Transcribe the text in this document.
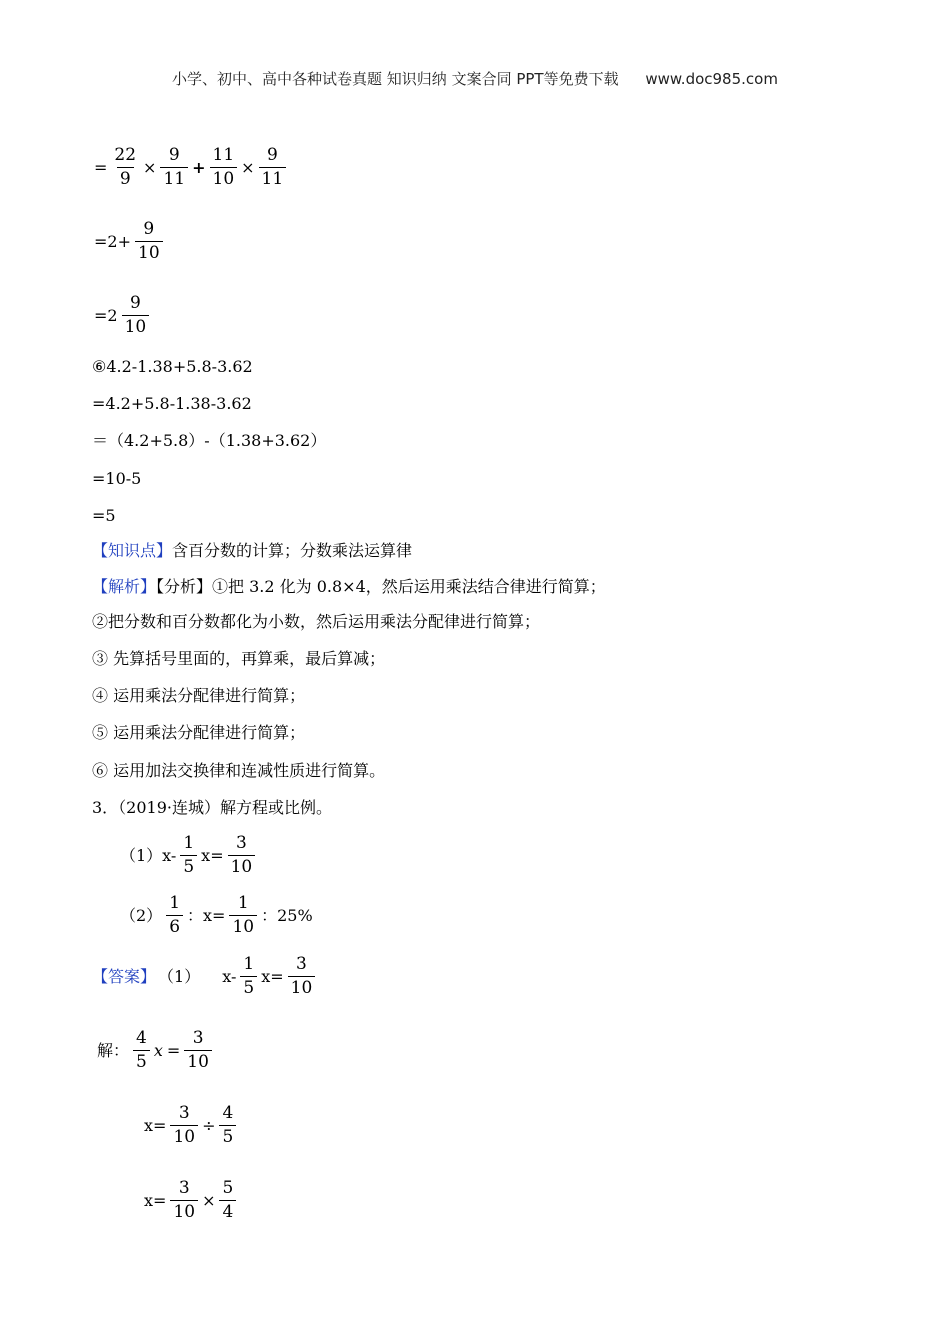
小学、初中、高中各种试卷真题 知识归纳 文案合同 PPT等免费下载 www.doc985.com
= $\frac{22}{9} \times \frac{9}{11} + \frac{11}{10} \times \frac{9}{11}$
$=2+ \frac{9}{10}$
$=2 \frac{9}{10}$
⑥4.2-1.38+5.8-3.62
=4.2+5.8-1.38-3.62
＝（4.2+5.8）-（1.38+3.62）
=10-5
=5
【知识点】含百分数的计算；分数乘法运算律
【解析】【分析】①把 3.2 化为 0.8×4，然后运用乘法结合律进行简算；
②把分数和百分数都化为小数，然后运用乘法分配律进行简算；
③ 先算括号里面的，再算乘，最后算减；
④ 运用乘法分配律进行简算；
⑤ 运用乘法分配律进行简算；
⑥ 运用加法交换律和连减性质进行简算。
3．（2019·连城）解方程或比例。
$(1)x- \frac{1}{5} x= \frac{3}{10}$
$(2) \frac{1}{6}$ ：$x= \frac{1}{10}$ ：25%
【答案】 （1） $x- \frac{1}{5} x= \frac{3}{10}$
解： $\frac{4}{5}$ $x = \frac{3}{10}$
$x= \frac{3}{10} \div \frac{4}{5}$
$x= \frac{3}{10} \times \frac{5}{4}$
